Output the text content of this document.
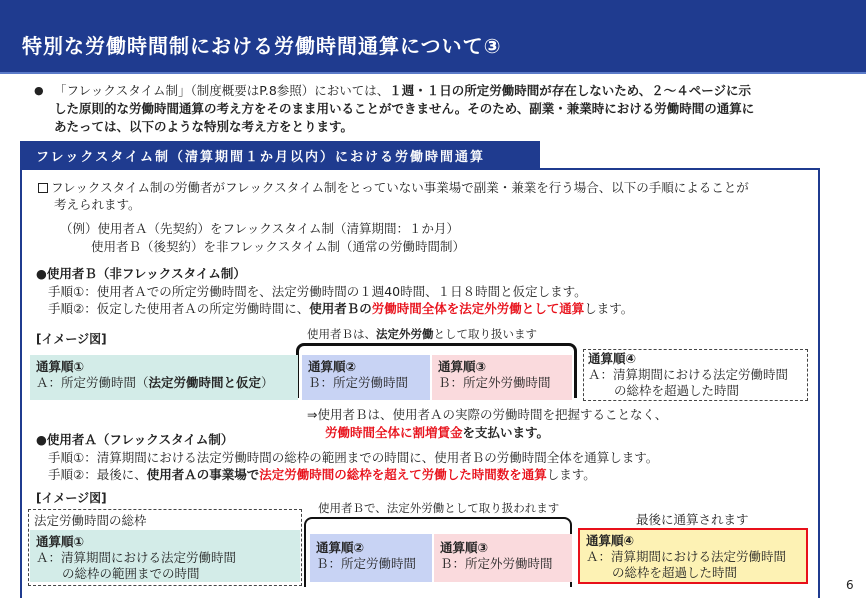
特別な労働時間制における労働時間通算について③
● 「フレックスタイム制」（制度概要はP.8参照）においては、１週・１日の所定労働時間が存在しないため、２～４ページに示
した原則的な労働時間通算の考え方をそのまま用いることができません。そのため、副業・兼業時における労働時間の通算に
あたっては、以下のような特別な考え方をとります。
フレックスタイム制（清算期間１か月以内）における労働時間通算
フレックスタイム制の労働者がフレックスタイム制をとっていない事業場で副業・兼業を行う場合、以下の手順によることが
考えられます。
（例）使用者Ａ（先契約）をフレックスタイム制（清算期間：１か月）
使用者Ｂ（後契約）を非フレックスタイム制（通常の労働時間制）
●使用者Ｂ（非フレックスタイム制）
手順①：使用者Ａでの所定労働時間を、法定労働時間の１週40時間、１日８時間と仮定します。
手順②：仮定した使用者Ａの所定労働時間に、使用者Ｂの労働時間全体を法定外労働として通算します。
[イメージ図]	使用者Ｂは、法定外労働として取り扱います
通算順①
Ａ：所定労働時間（法定労働時間と仮定）
通算順②
Ｂ：所定労働時間
通算順③
Ｂ：所定外労働時間
通算順④
Ａ：清算期間における法定労働時間
の総枠を超過した時間
⇒使用者Ｂは、使用者Ａの実際の労働時間を把握することなく、
労働時間全体に割増賃金を支払います。
●使用者Ａ（フレックスタイム制）
手順①：清算期間における法定労働時間の総枠の範囲までの時間に、使用者Ｂの労働時間全体を通算します。
手順②：最後に、使用者Ａの事業場で法定労働時間の総枠を超えて労働した時間数を通算します。
[イメージ図]
使用者Ｂで、法定外労働として取り扱われます
最後に通算されます
法定労働時間の総枠
通算順①
Ａ：清算期間における法定労働時間
の総枠の範囲までの時間
通算順②
Ｂ：所定労働時間
通算順③
Ｂ：所定外労働時間
通算順④
Ａ：清算期間における法定労働時間
の総枠を超過した時間
6
